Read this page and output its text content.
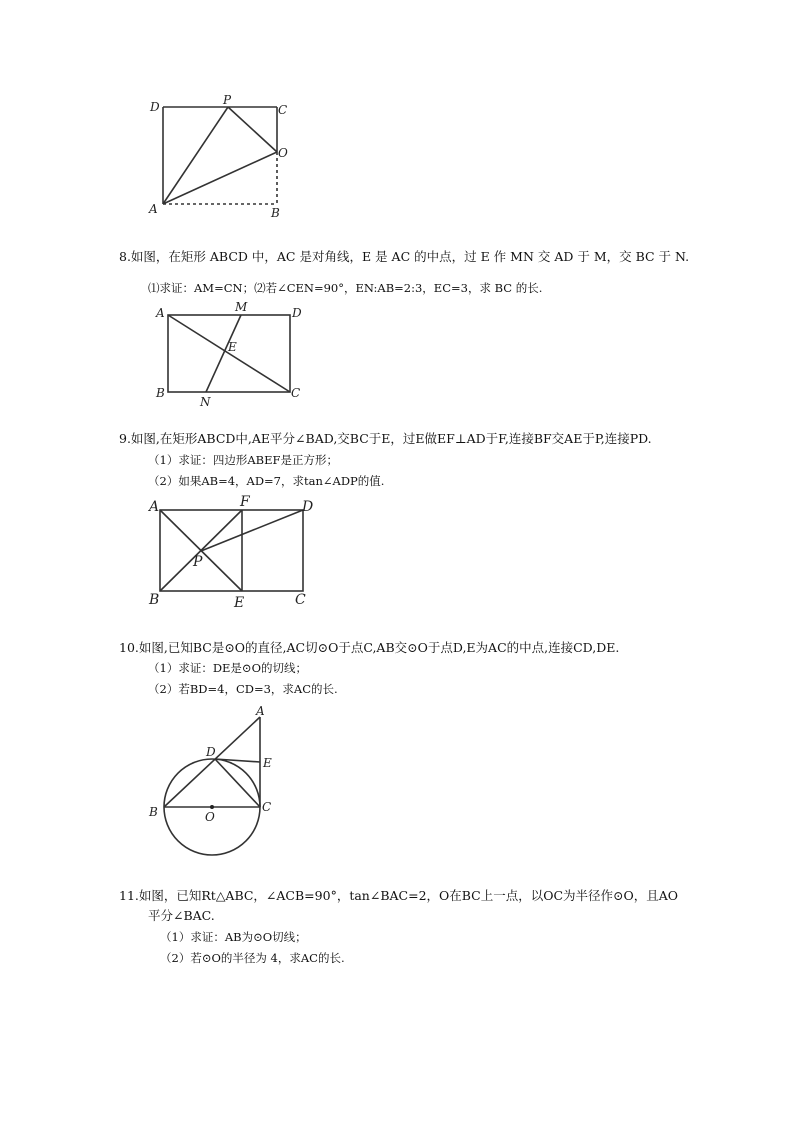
D	P
C
O
A	B
8.如图，在矩形 ABCD 中，AC 是对角线，E 是 AC 的中点，过 E 作 MN 交 AD 于 M，交 BC 于 N.
⑴求证：AM=CN；⑵若∠CEN=90°，EN:AB=2:3，EC=3，求 BC 的长.
A	M	D
E
B
N
C
9.如图,在矩形ABCD中,AE平分∠BAD,交BC于E，过E做EF⊥AD于F,连接BF交AE于P,连接PD.
（1）求证：四边形ABEF是正方形；
（2）如果AB=4，AD=7，求tan∠ADP的值.
A	F	D
P
B	E	C
10.如图,已知BC是⊙O的直径,AC切⊙O于点C,AB交⊙O于点D,E为AC的中点,连接CD,DE.
（1）求证：DE是⊙O的切线；
（2）若BD=4，CD=3，求AC的长.
A
D
E
B	O
C
11.如图，已知Rt△ABC，∠ACB=90°，tan∠BAC=2，O在BC上一点，以OC为半径作⊙O，且AO
平分∠BAC.
（1）求证：AB为⊙O切线；
（2）若⊙O的半径为 4，求AC的长.
